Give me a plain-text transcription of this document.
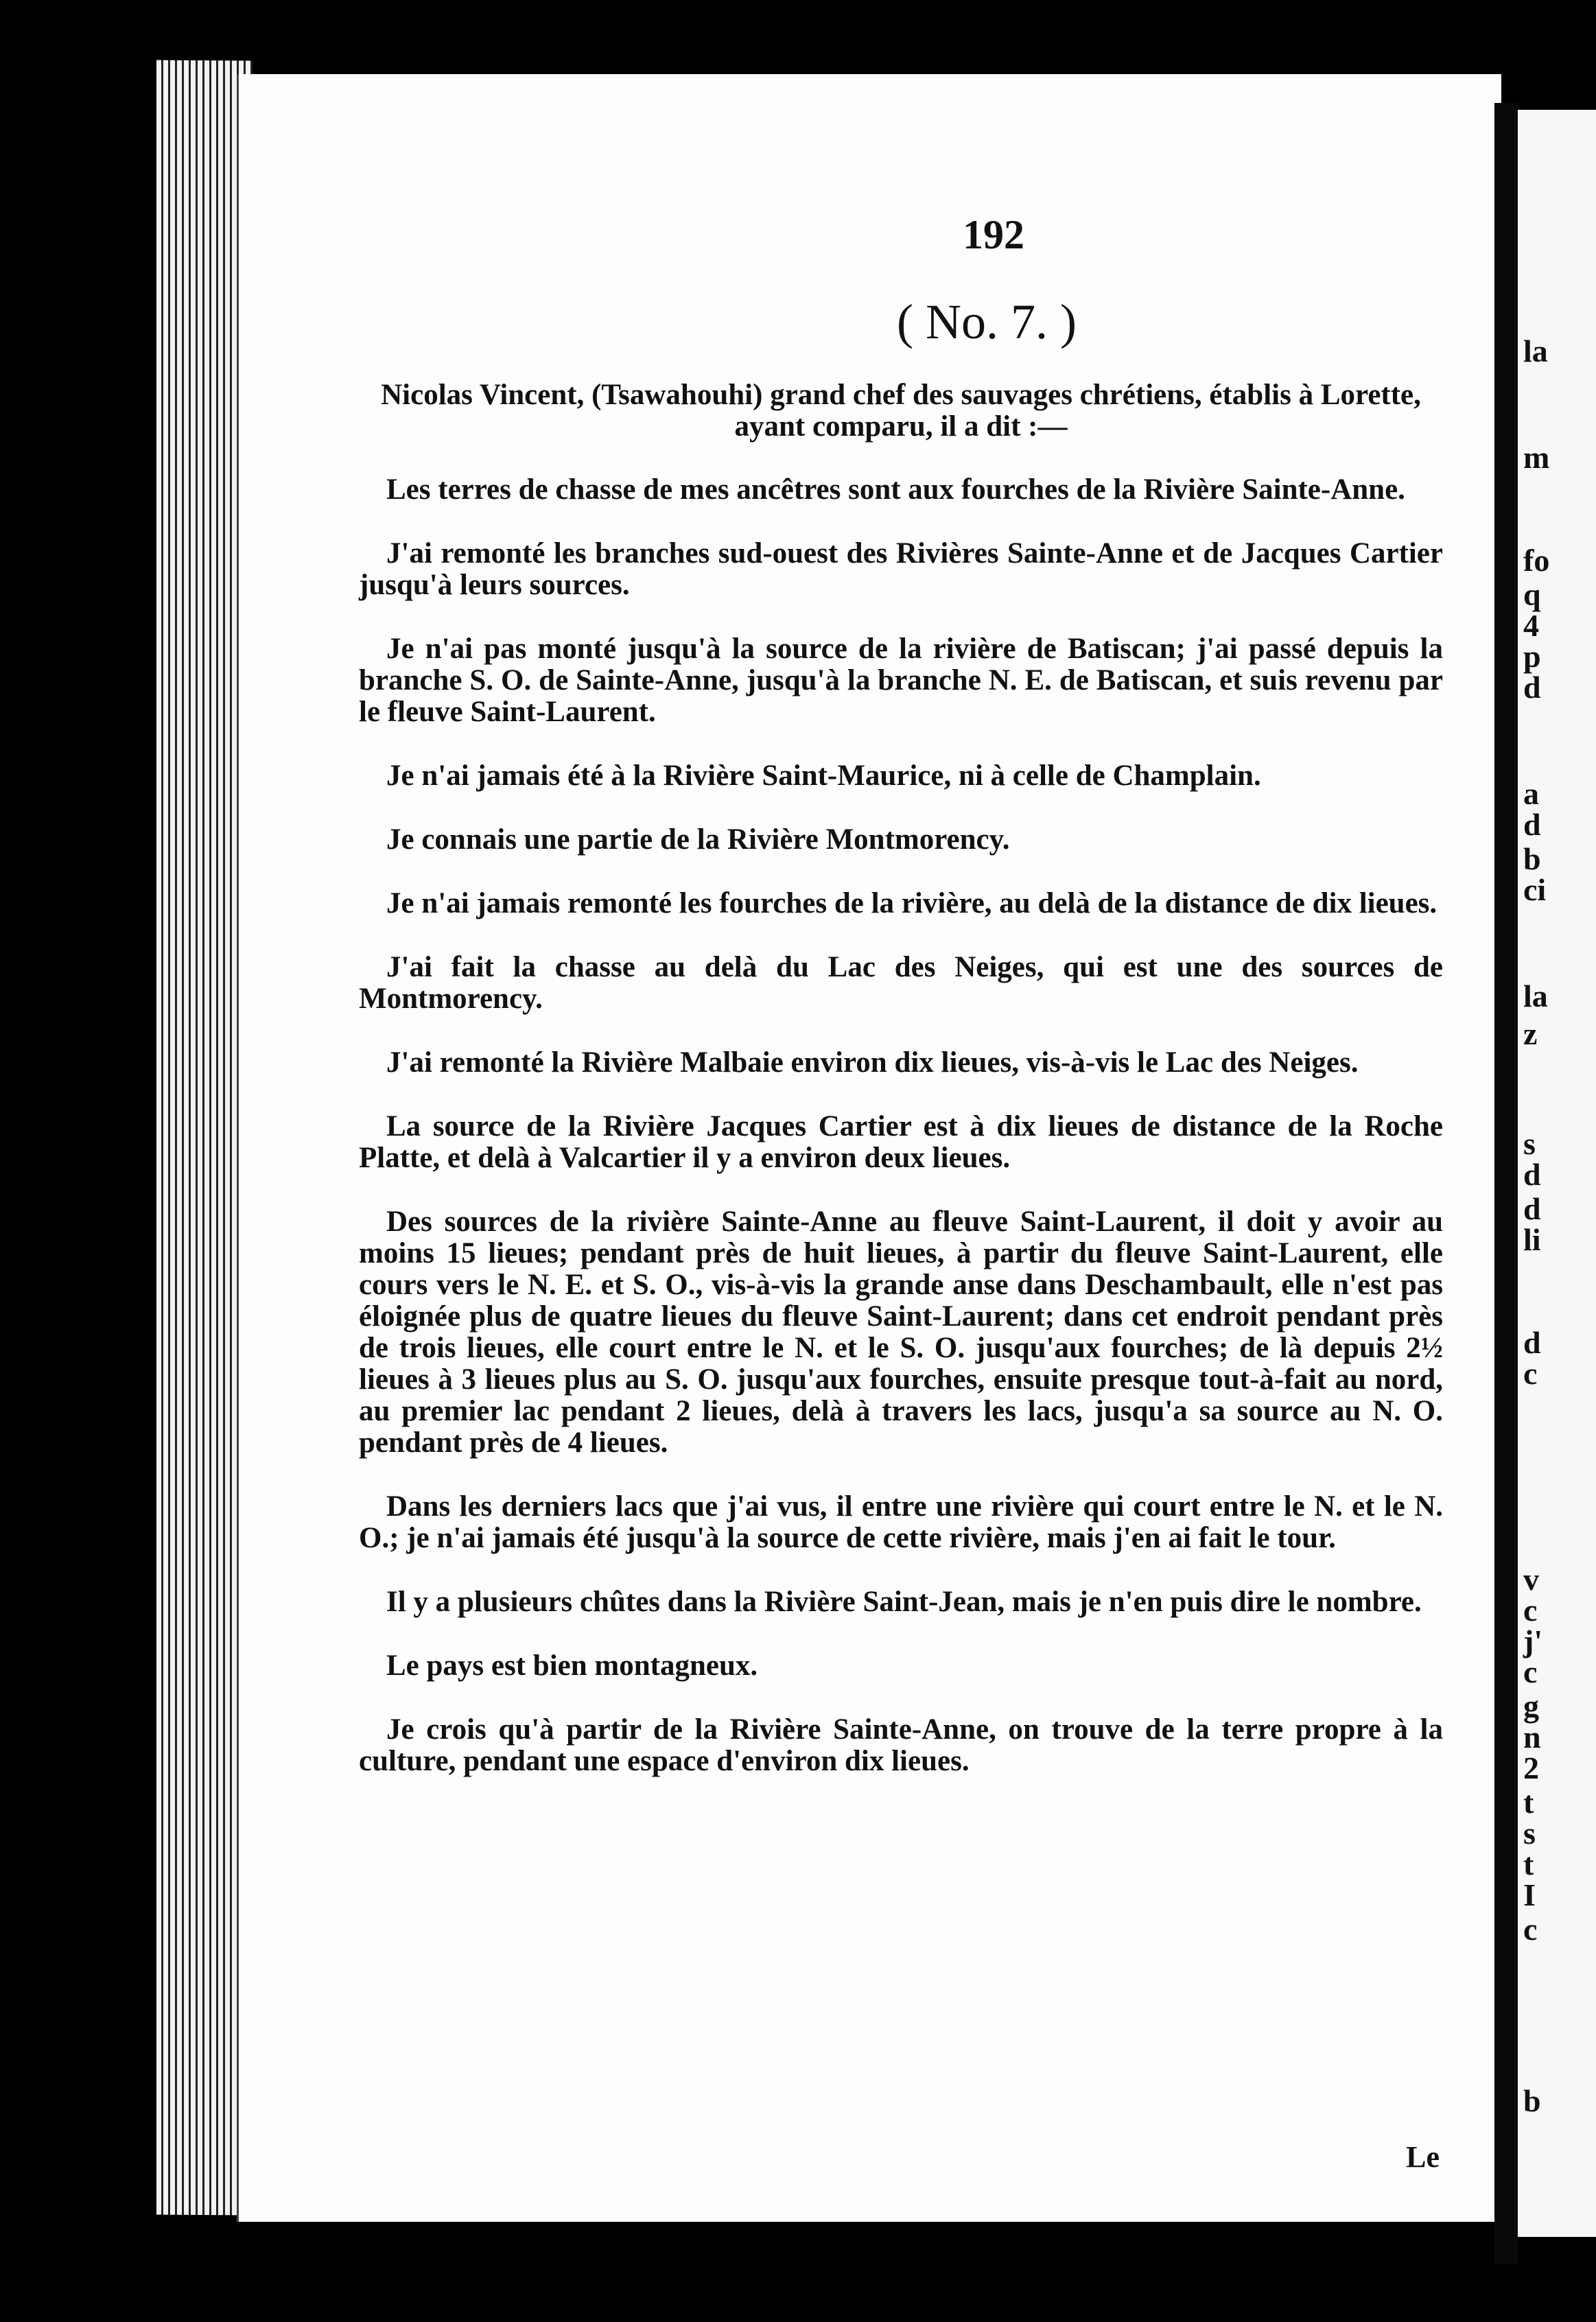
192
( No. 7. )

Nicolas Vincent, (Tsawahouhi) grand chef des sauvages chrétiens, établis à Lorette, ayant comparu, il a dit :—

Les terres de chasse de mes ancêtres sont aux fourches de la Rivière Sainte-Anne.

J'ai remonté les branches sud-ouest des Rivières Sainte-Anne et de Jacques Cartier jusqu'à leurs sources.

Je n'ai pas monté jusqu'à la source de la rivière de Batiscan; j'ai passé depuis la branche S. O. de Sainte-Anne, jusqu'à la branche N. E. de Batiscan, et suis revenu par le fleuve Saint-Laurent.

Je n'ai jamais été à la Rivière Saint-Maurice, ni à celle de Champlain.

Je connais une partie de la Rivière Montmorency.

Je n'ai jamais remonté les fourches de la rivière, au delà de la distance de dix lieues.

J'ai fait la chasse au delà du Lac des Neiges, qui est une des sources de Montmorency.

J'ai remonté la Rivière Malbaie environ dix lieues, vis-à-vis le Lac des Neiges.

La source de la Rivière Jacques Cartier est à dix lieues de distance de la Roche Platte, et delà à Valcartier il y a environ deux lieues.

Des sources de la rivière Sainte-Anne au fleuve Saint-Laurent, il doit y avoir au moins 15 lieues; pendant près de huit lieues, à partir du fleuve Saint-Laurent, elle cours vers le N. E. et S. O., vis-à-vis la grande anse dans Deschambault, elle n'est pas éloignée plus de quatre lieues du fleuve Saint-Laurent; dans cet endroit pendant près de trois lieues, elle court entre le N. et le S. O. jusqu'aux fourches; de là depuis 2½ lieues à 3 lieues plus au S. O. jusqu'aux fourches, ensuite presque tout-à-fait au nord, au premier lac pendant 2 lieues, delà à travers les lacs, jusqu'a sa source au N. O. pendant près de 4 lieues.

Dans les derniers lacs que j'ai vus, il entre une rivière qui court entre le N. et le N. O.; je n'ai jamais été jusqu'à la source de cette rivière, mais j'en ai fait le tour.

Il y a plusieurs chûtes dans la Rivière Saint-Jean, mais je n'en puis dire le nombre.

Le pays est bien montagneux.

Je crois qu'à partir de la Rivière Sainte-Anne, on trouve de la terre propre à la culture, pendant une espace d'environ dix lieues.

Le
la
m
fo
q
4
p
d
a
d
b
ci
la
z
s
d
d
li
d
c
v
c
j'
c
g
n
2
t
s
t
I
c
b
